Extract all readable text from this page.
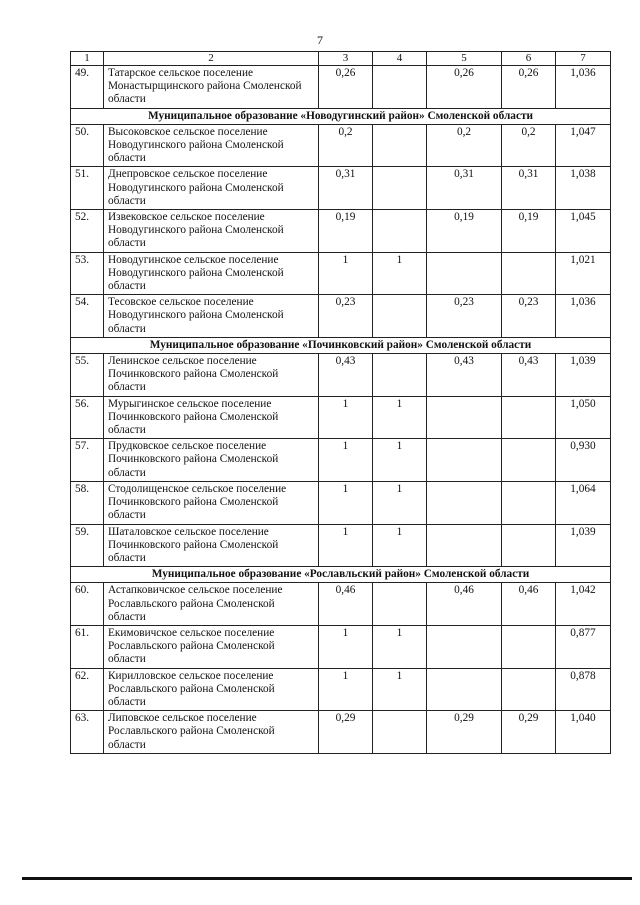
7
1	2	3	4	5	6	7
49.	Татарское сельское поселение Монастырщинского района Смоленской области	0,26		0,26	0,26	1,036
Муниципальное образование «Новодугинский район» Смоленской области						
50.	Высоковское сельское поселение Новодугинского района Смоленской области	0,2		0,2	0,2	1,047
51.	Днепровское сельское поселение Новодугинского района Смоленской области	0,31		0,31	0,31	1,038
52.	Извековское сельское поселение Новодугинского района Смоленской области	0,19		0,19	0,19	1,045
53.	Новодугинское сельское поселение Новодугинского района Смоленской области	1	1			1,021
54.	Тесовское сельское поселение Новодугинского района Смоленской области	0,23		0,23	0,23	1,036
Муниципальное образование «Починковский район» Смоленской области						
55.	Ленинское сельское поселение Починковского района Смоленской области	0,43		0,43	0,43	1,039
56.	Мурыгинское сельское поселение Починковского района Смоленской области	1	1			1,050
57.	Прудковское сельское поселение Починковского района Смоленской области	1	1			0,930
58.	Стодолищенское сельское поселение Починковского района Смоленской области	1	1			1,064
59.	Шаталовское сельское поселение Починковского района Смоленской области	1	1			1,039
Муниципальное образование «Рославльский район» Смоленской области						
60.	Астапковичское сельское поселение Рославльского района Смоленской области	0,46		0,46	0,46	1,042
61.	Екимовичское сельское поселение Рославльского района Смоленской области	1	1			0,877
62.	Кирилловское сельское поселение Рославльского района Смоленской области	1	1			0,878
63.	Липовское сельское поселение Рославльского района Смоленской области	0,29		0,29	0,29	1,040
